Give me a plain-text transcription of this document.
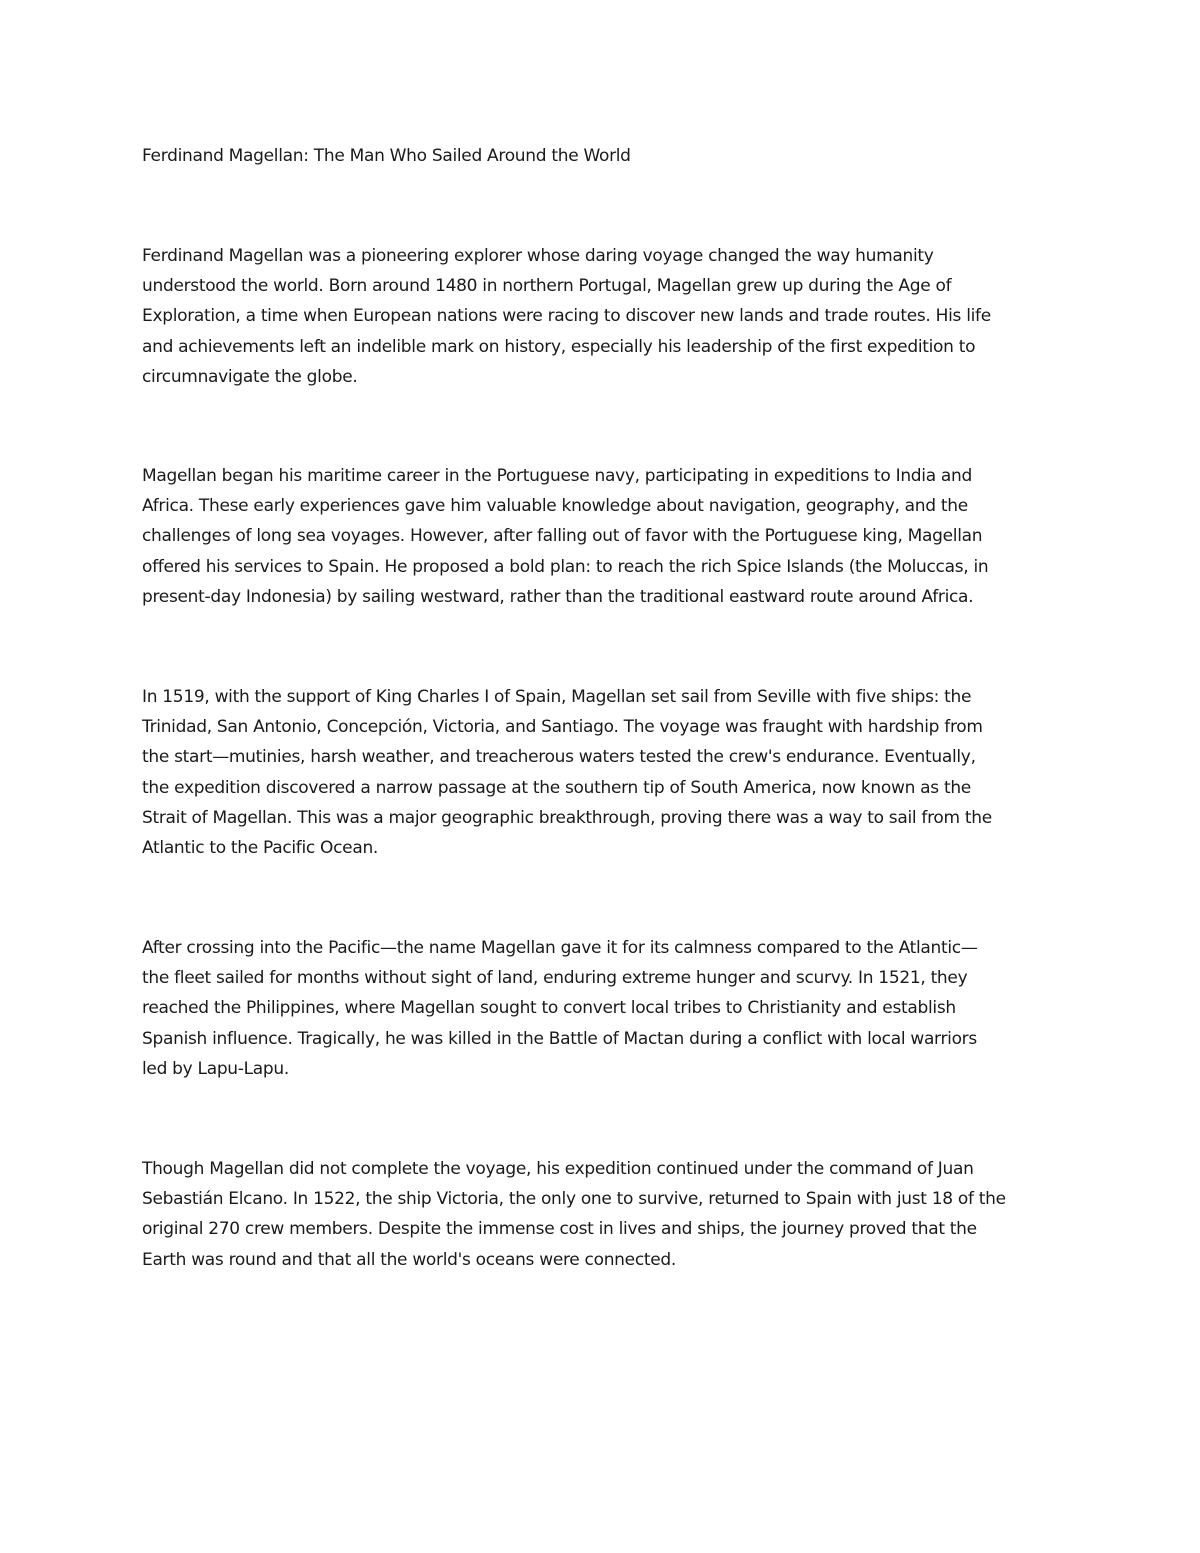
Ferdinand Magellan: The Man Who Sailed Around the World

Ferdinand Magellan was a pioneering explorer whose daring voyage changed the way humanity
understood the world. Born around 1480 in northern Portugal, Magellan grew up during the Age of
Exploration, a time when European nations were racing to discover new lands and trade routes. His life
and achievements left an indelible mark on history, especially his leadership of the first expedition to
circumnavigate the globe.

Magellan began his maritime career in the Portuguese navy, participating in expeditions to India and
Africa. These early experiences gave him valuable knowledge about navigation, geography, and the
challenges of long sea voyages. However, after falling out of favor with the Portuguese king, Magellan
offered his services to Spain. He proposed a bold plan: to reach the rich Spice Islands (the Moluccas, in
present-day Indonesia) by sailing westward, rather than the traditional eastward route around Africa.

In 1519, with the support of King Charles I of Spain, Magellan set sail from Seville with five ships: the
Trinidad, San Antonio, Concepción, Victoria, and Santiago. The voyage was fraught with hardship from
the start—mutinies, harsh weather, and treacherous waters tested the crew's endurance. Eventually,
the expedition discovered a narrow passage at the southern tip of South America, now known as the
Strait of Magellan. This was a major geographic breakthrough, proving there was a way to sail from the
Atlantic to the Pacific Ocean.

After crossing into the Pacific—the name Magellan gave it for its calmness compared to the Atlantic—
the fleet sailed for months without sight of land, enduring extreme hunger and scurvy. In 1521, they
reached the Philippines, where Magellan sought to convert local tribes to Christianity and establish
Spanish influence. Tragically, he was killed in the Battle of Mactan during a conflict with local warriors
led by Lapu-Lapu.

Though Magellan did not complete the voyage, his expedition continued under the command of Juan
Sebastián Elcano. In 1522, the ship Victoria, the only one to survive, returned to Spain with just 18 of the
original 270 crew members. Despite the immense cost in lives and ships, the journey proved that the
Earth was round and that all the world's oceans were connected.
